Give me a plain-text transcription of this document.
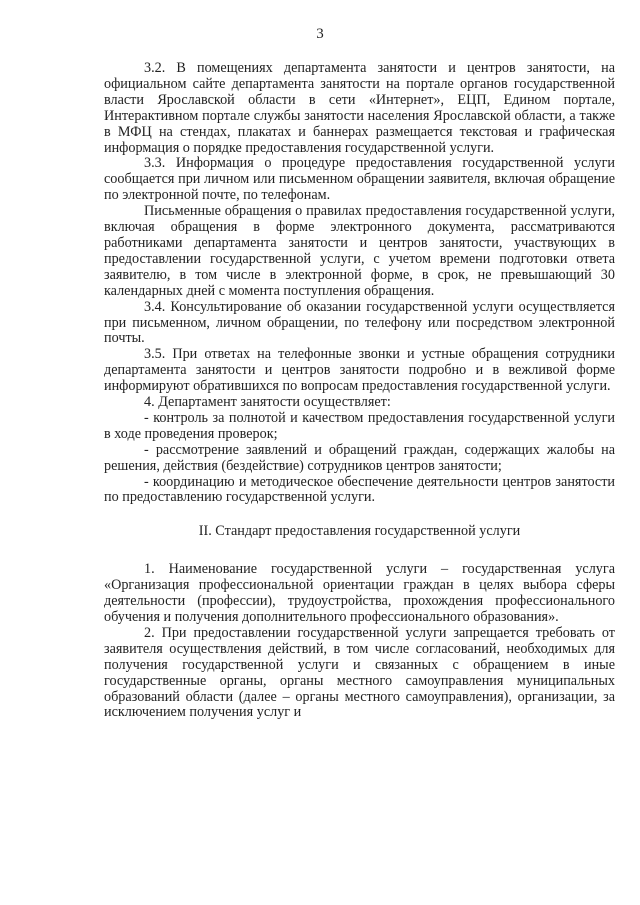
3

3.2. В помещениях департамента занятости и центров занятости, на официальном сайте департамента занятости на портале органов государственной власти Ярославской области в сети «Интернет», ЕЦП, Едином портале, Интерактивном портале службы занятости населения Ярославской области, а также в МФЦ на стендах, плакатах и баннерах размещается текстовая и графическая информация о порядке предоставления государственной услуги.

3.3. Информация о процедуре предоставления государственной услуги сообщается при личном или письменном обращении заявителя, включая обращение по электронной почте, по телефонам.

Письменные обращения о правилах предоставления государственной услуги, включая обращения в форме электронного документа, рассматриваются работниками департамента занятости и центров занятости, участвующих в предоставлении государственной услуги, с учетом времени подготовки ответа заявителю, в том числе в электронной форме, в срок, не превышающий 30 календарных дней с момента поступления обращения.

3.4. Консультирование об оказании государственной услуги осуществляется при письменном, личном обращении, по телефону или посредством электронной почты.

3.5. При ответах на телефонные звонки и устные обращения сотрудники департамента занятости и центров занятости подробно и в вежливой форме информируют обратившихся по вопросам предоставления государственной услуги.

4. Департамент занятости осуществляет:

- контроль за полнотой и качеством предоставления государственной услуги в ходе проведения проверок;

- рассмотрение заявлений и обращений граждан, содержащих жалобы на решения, действия (бездействие) сотрудников центров занятости;

- координацию и методическое обеспечение деятельности центров занятости по предоставлению государственной услуги.

II. Стандарт предоставления государственной услуги

1. Наименование государственной услуги – государственная услуга «Организация профессиональной ориентации граждан в целях выбора сферы деятельности (профессии), трудоустройства, прохождения профессионального обучения и получения дополнительного профессионального образования».

2. При предоставлении государственной услуги запрещается требовать от заявителя осуществления действий, в том числе согласований, необходимых для получения государственной услуги и связанных с обращением в иные государственные органы, органы местного самоуправления муниципальных образований области (далее – органы местного самоуправления), организации, за исключением получения услуг и
